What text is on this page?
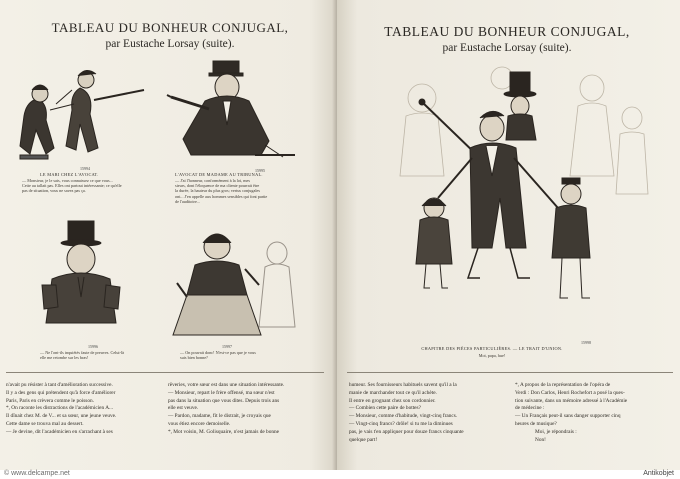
TABLEAU DU BONHEUR CONJUGAL,
par Eustache Lorsay (suite).
15994
LE MARI CHEZ L'AVOCAT.
— Monsieur, je le sais, vous connaissez ce que vous...
Cette au tallait pas. Elles ont partout intéressante; ce qu'elle
pas de situation, vous ne savez pas ça.
15995
L'AVOCAT DE MADAME AU TRIBUNAL.
— J'ai l'honneur, conformément à la loi, mes
sieurs, dont l'éloquence de ma cliente pourrait être
la durée, la hauteur du plus gros; vertus conjugales
ont... J'en appelle aux hommes sensibles qui font partie
de l'auditoire...
15996
— Ne l'ont-ils inquiétés faute de preuves. Celui-là
elle me retombe sur les bras!
15997
— On pouvait donc! N'est-ce pas que je vous
suis bien bonne?

n'avait pu résister à tant d'amélioration successive.

Il y a des gens qui prétendent qu'à force d'améliorer

Paris, Paris en crèvera comme le poisson.

*, On raconte les distractions de l'académicien A...

Il dînait chez M. de V... et sa sœur, une jeune veuve.

Cette dame se trouva mal au dessert.

— Je devine, dit l'académicien en s'arrachant à ses

rêveries, votre sœur est dans une situation intéressante.

— Monsieur, repart le frère offensé, ma sœur n'est

pas dans la situation que vous dites. Depuis trois ans

elle est veuve.

— Pardon, madame, fit le distrait, je croyais que

vous étiez encore demoiselle.

*, Mot voisin, M. Golisquaire, n'est jamais de bonne

TABLEAU DU BONHEUR CONJUGAL,
par Eustache Lorsay (suite).
15998
CHAPITRE DES PIÈCES PARTICULIÈRES. — LE TRAIT D'UNION.
Moi, papa, hue!

humeur. Ses fournisseurs habituels savent qu'il a la

manie de marchander tout ce qu'il achète.

Il entre en grognant chez son cordonnier.

— Combien cette paire de bottes?

— Monsieur, comme d'habitude, vingt-cinq francs.

— Vingt-cinq francs? drôle! si tu me la diminues

pas, je vais t'en appliquer pour douze francs cinquante

quelque part!

*, A propos de la représentation de l'opéra de

Verdi : Don Carlos, Henri Rochefort a posé la ques-

tion suivante, dans un mémoire adressé à l'Académie

de médecine :

— Un Français peut-il sans danger supporter cinq

heures de musique?

Moi, je répondrais :

Non!

© www.delcampe.net	Antikobjet
